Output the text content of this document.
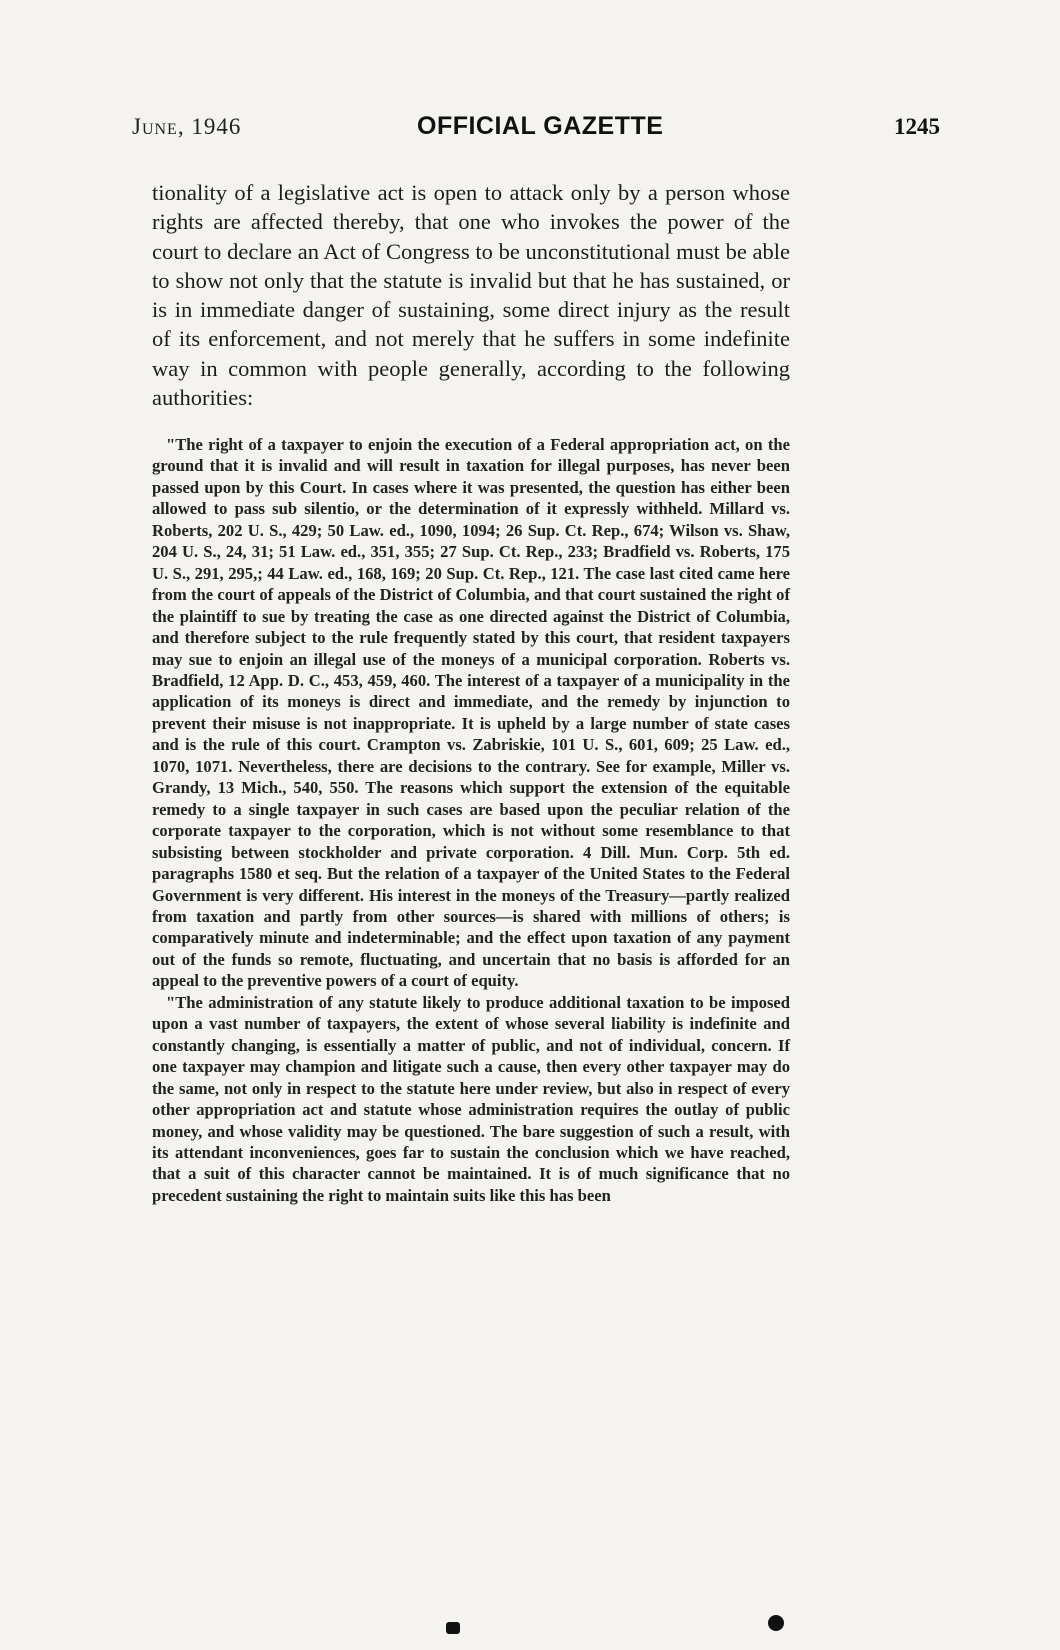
June, 1946	OFFICIAL GAZETTE	1245
tionality of a legislative act is open to attack only by a person whose rights are affected thereby, that one who invokes the power of the court to declare an Act of Congress to be unconstitutional must be able to show not only that the statute is invalid but that he has sustained, or is in immediate danger of sustaining, some direct injury as the result of its enforcement, and not merely that he suffers in some indefinite way in common with people generally, according to the following authorities:

"The right of a taxpayer to enjoin the execution of a Federal appropriation act, on the ground that it is invalid and will result in taxation for illegal purposes, has never been passed upon by this Court. In cases where it was presented, the question has either been allowed to pass sub silentio, or the determination of it expressly withheld. Millard vs. Roberts, 202 U. S., 429; 50 Law. ed., 1090, 1094; 26 Sup. Ct. Rep., 674; Wilson vs. Shaw, 204 U. S., 24, 31; 51 Law. ed., 351, 355; 27 Sup. Ct. Rep., 233; Bradfield vs. Roberts, 175 U. S., 291, 295,; 44 Law. ed., 168, 169; 20 Sup. Ct. Rep., 121. The case last cited came here from the court of appeals of the District of Columbia, and that court sustained the right of the plaintiff to sue by treating the case as one directed against the District of Columbia, and therefore subject to the rule frequently stated by this court, that resident taxpayers may sue to enjoin an illegal use of the moneys of a municipal corporation. Roberts vs. Bradfield, 12 App. D. C., 453, 459, 460. The interest of a taxpayer of a municipality in the application of its moneys is direct and immediate, and the remedy by injunction to prevent their misuse is not inappropriate. It is upheld by a large number of state cases and is the rule of this court. Crampton vs. Zabriskie, 101 U. S., 601, 609; 25 Law. ed., 1070, 1071. Nevertheless, there are decisions to the contrary. See for example, Miller vs. Grandy, 13 Mich., 540, 550. The reasons which support the extension of the equitable remedy to a single taxpayer in such cases are based upon the peculiar relation of the corporate taxpayer to the corporation, which is not without some resemblance to that subsisting between stockholder and private corporation. 4 Dill. Mun. Corp. 5th ed. paragraphs 1580 et seq. But the relation of a taxpayer of the United States to the Federal Government is very different. His interest in the moneys of the Treasury—partly realized from taxation and partly from other sources—is shared with millions of others; is comparatively minute and indeterminable; and the effect upon taxation of any payment out of the funds so remote, fluctuating, and uncertain that no basis is afforded for an appeal to the preventive powers of a court of equity.

"The administration of any statute likely to produce additional taxation to be imposed upon a vast number of taxpayers, the extent of whose several liability is indefinite and constantly changing, is essentially a matter of public, and not of individual, concern. If one taxpayer may champion and litigate such a cause, then every other taxpayer may do the same, not only in respect to the statute here under review, but also in respect of every other appropriation act and statute whose administration requires the outlay of public money, and whose validity may be questioned. The bare suggestion of such a result, with its attendant inconveniences, goes far to sustain the conclusion which we have reached, that a suit of this character cannot be maintained. It is of much significance that no precedent sustaining the right to maintain suits like this has been
